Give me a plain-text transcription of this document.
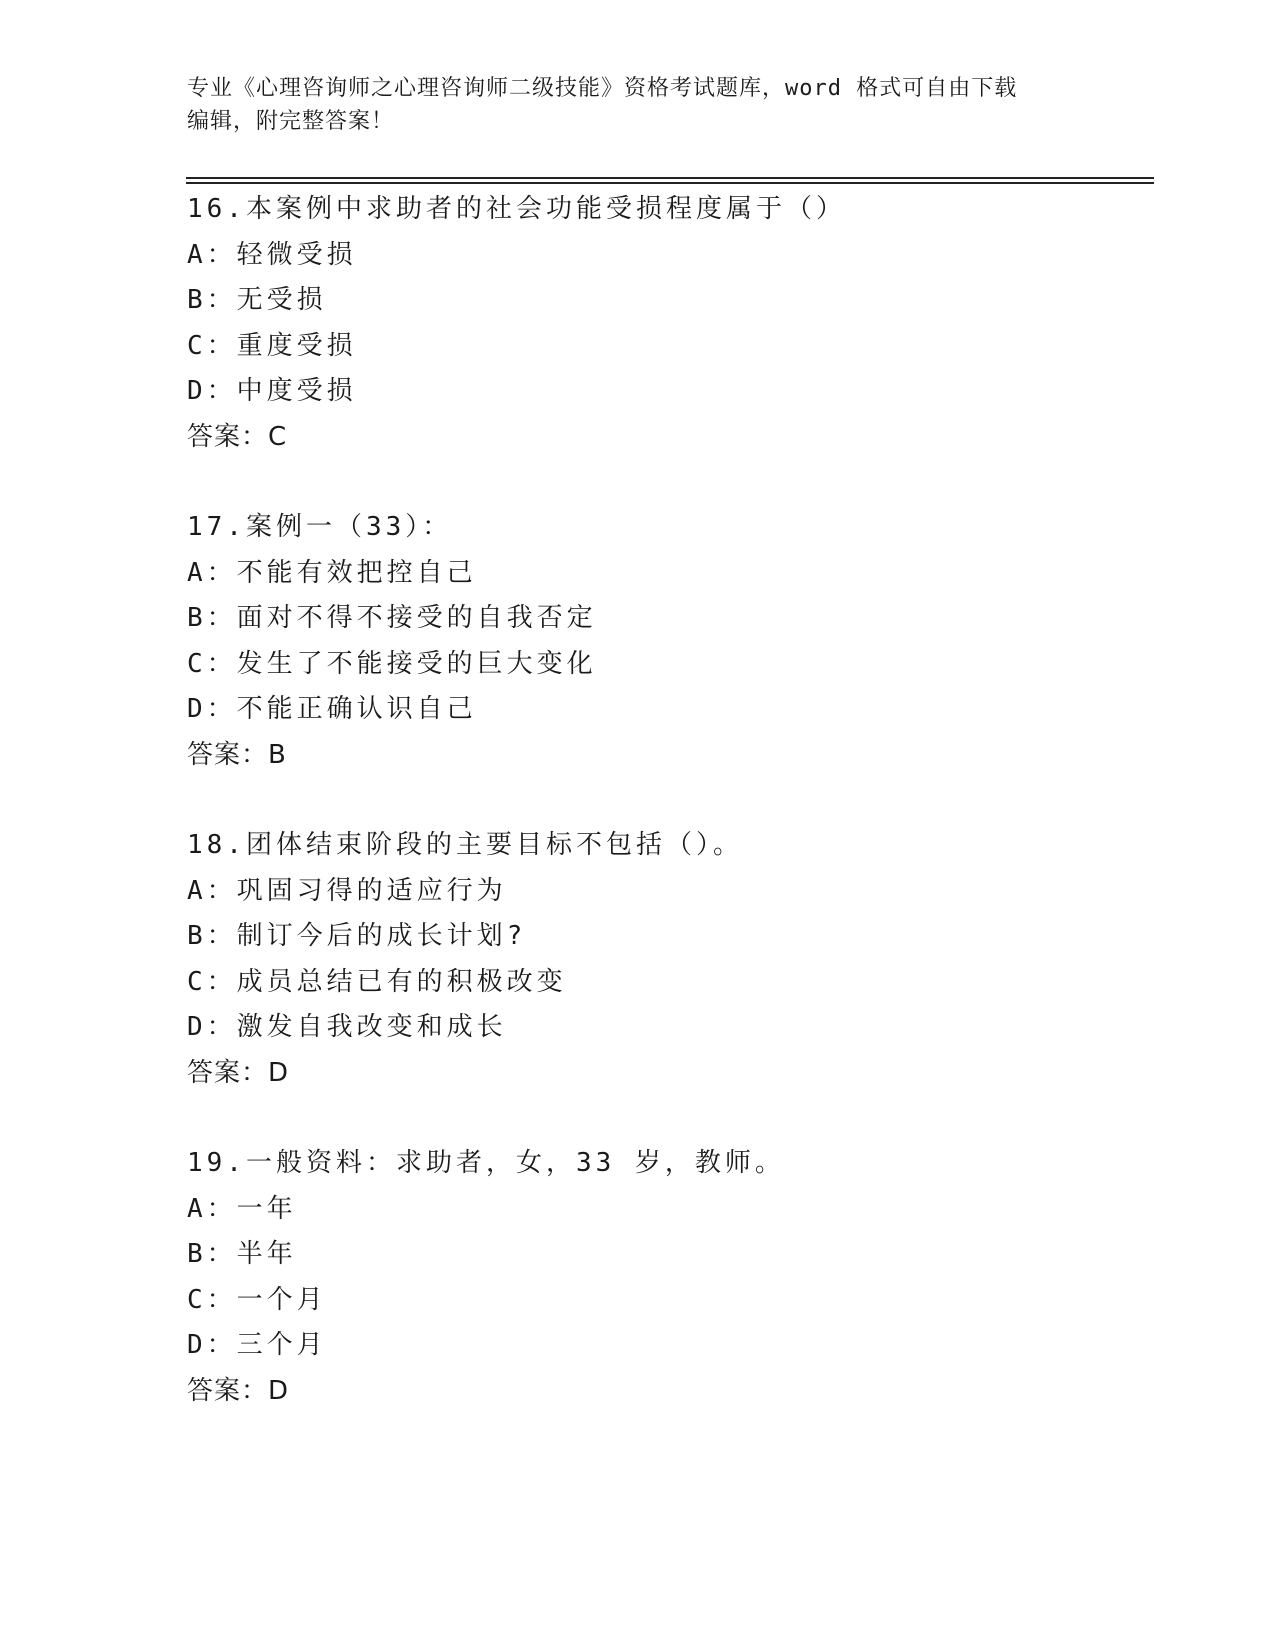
专业《心理咨询师之心理咨询师二级技能》资格考试题库，word 格式可自由下载
编辑，附完整答案！
16.本案例中求助者的社会功能受损程度属于（）
A：轻微受损
B：无受损
C：重度受损
D：中度受损
答案：C
17.案例一（33）：
A：不能有效把控自己
B：面对不得不接受的自我否定
C：发生了不能接受的巨大变化
D：不能正确认识自己
答案：B
18.团体结束阶段的主要目标不包括（）。
A：巩固习得的适应行为
B：制订今后的成长计划?
C：成员总结已有的积极改变
D：激发自我改变和成长
答案：D
19.一般资料：求助者，女，33 岁，教师。
A：一年
B：半年
C：一个月
D：三个月
答案：D
